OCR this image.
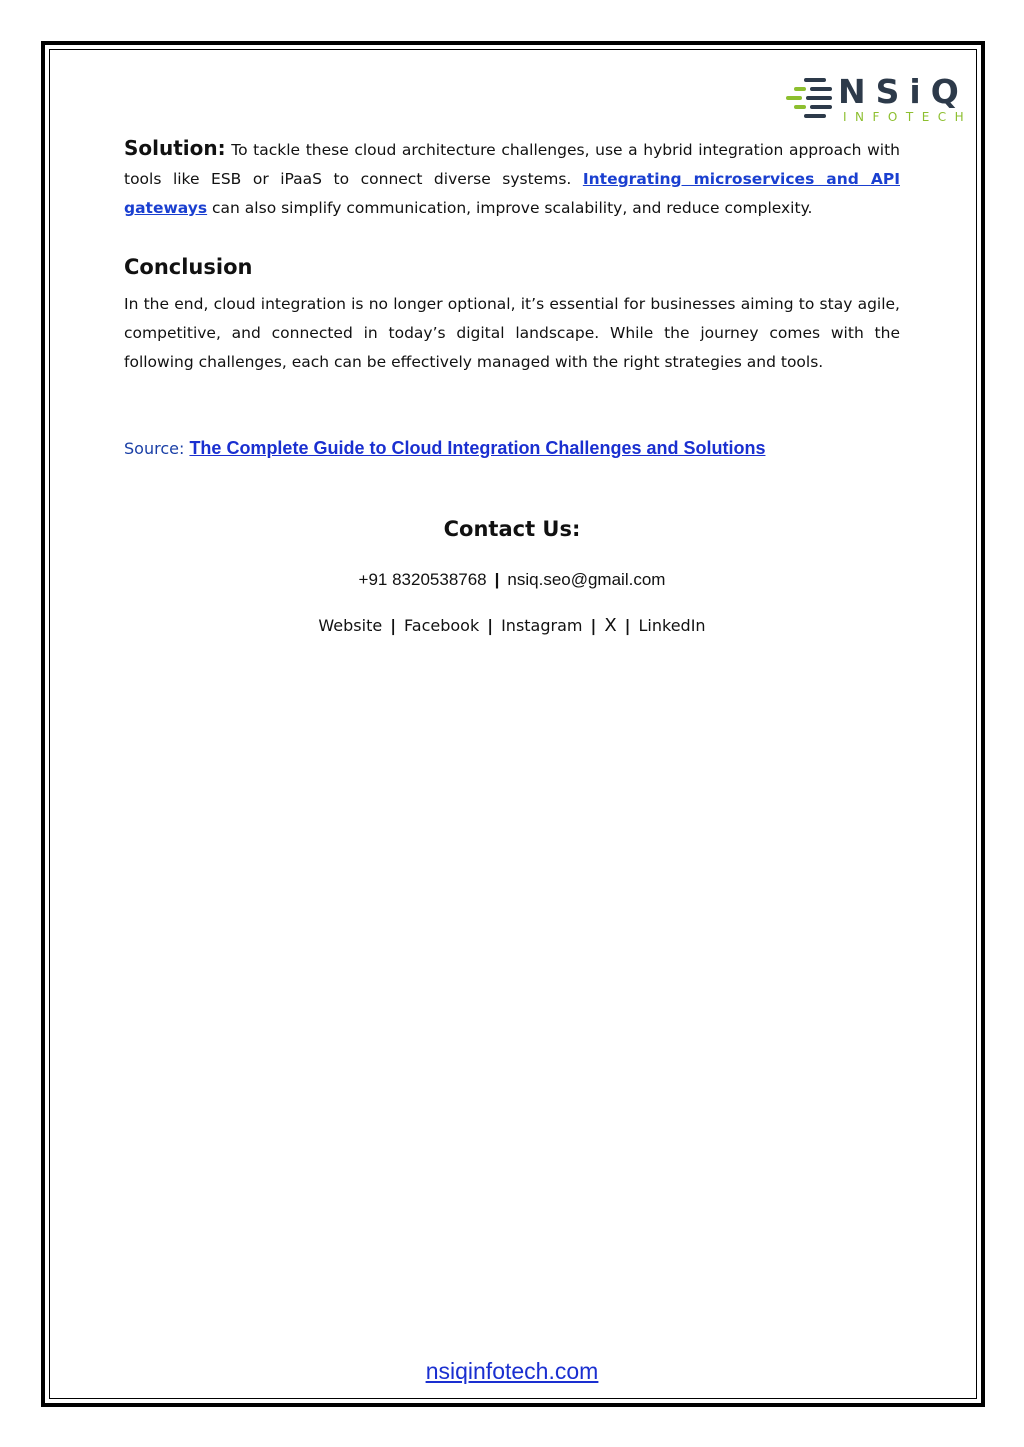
NSiQ
INFOTECH
Solution: To tackle these cloud architecture challenges, use a hybrid integration approach with tools like ESB or iPaaS to connect diverse systems. Integrating microservices and API gateways can also simplify communication, improve scalability, and reduce complexity.
Conclusion
In the end, cloud integration is no longer optional, it’s essential for businesses aiming to stay agile, competitive, and connected in today’s digital landscape. While the journey comes with the following challenges, each can be effectively managed with the right strategies and tools.
Source: The Complete Guide to Cloud Integration Challenges and Solutions
Contact Us:
+91 8320538768 | nsiq.seo@gmail.com
Website | Facebook | Instagram | X | LinkedIn
nsiqinfotech.com
